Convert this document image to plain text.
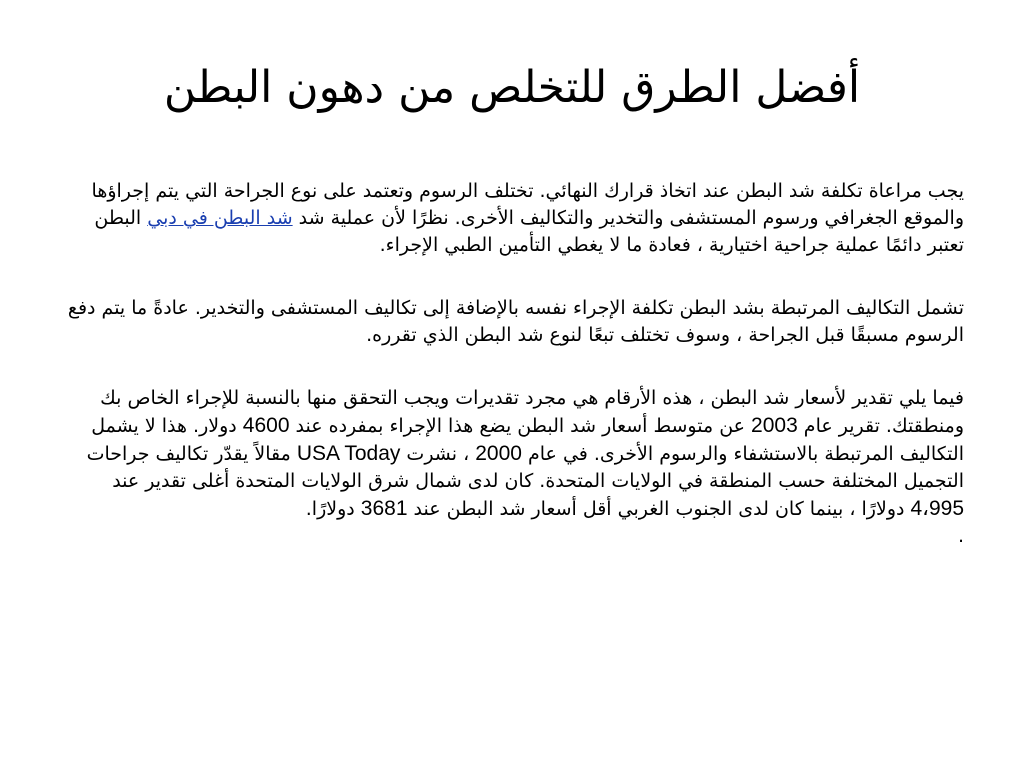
أفضل الطرق للتخلص من دهون البطن

يجب مراعاة تكلفة شد البطن عند اتخاذ قرارك النهائي. تختلف الرسوم وتعتمد على نوع الجراحة التي يتم إجراؤها والموقع الجغرافي ورسوم المستشفى والتخدير والتكاليف الأخرى. نظرًا لأن عملية شد شد البطن في دبي البطن تعتبر دائمًا عملية جراحية اختيارية ، فعادة ما لا يغطي التأمين الطبي الإجراء.

تشمل التكاليف المرتبطة بشد البطن تكلفة الإجراء نفسه بالإضافة إلى تكاليف المستشفى والتخدير. عادةً ما يتم دفع الرسوم مسبقًا قبل الجراحة ، وسوف تختلف تبعًا لنوع شد البطن الذي تقرره.

فيما يلي تقدير لأسعار شد البطن ، هذه الأرقام هي مجرد تقديرات ويجب التحقق منها بالنسبة للإجراء الخاص بك ومنطقتك. تقرير عام 2003 عن متوسط أسعار شد البطن يضع هذا الإجراء بمفرده عند 4600 دولار. هذا لا يشمل التكاليف المرتبطة بالاستشفاء والرسوم الأخرى. في عام 2000 ، نشرت USA Today مقالاً يقدّر تكاليف جراحات التجميل المختلفة حسب المنطقة في الولايات المتحدة. كان لدى شمال شرق الولايات المتحدة أغلى تقدير عند 4،995 دولارًا ، بينما كان لدى الجنوب الغربي أقل أسعار شد البطن عند 3681 دولارًا.

.
